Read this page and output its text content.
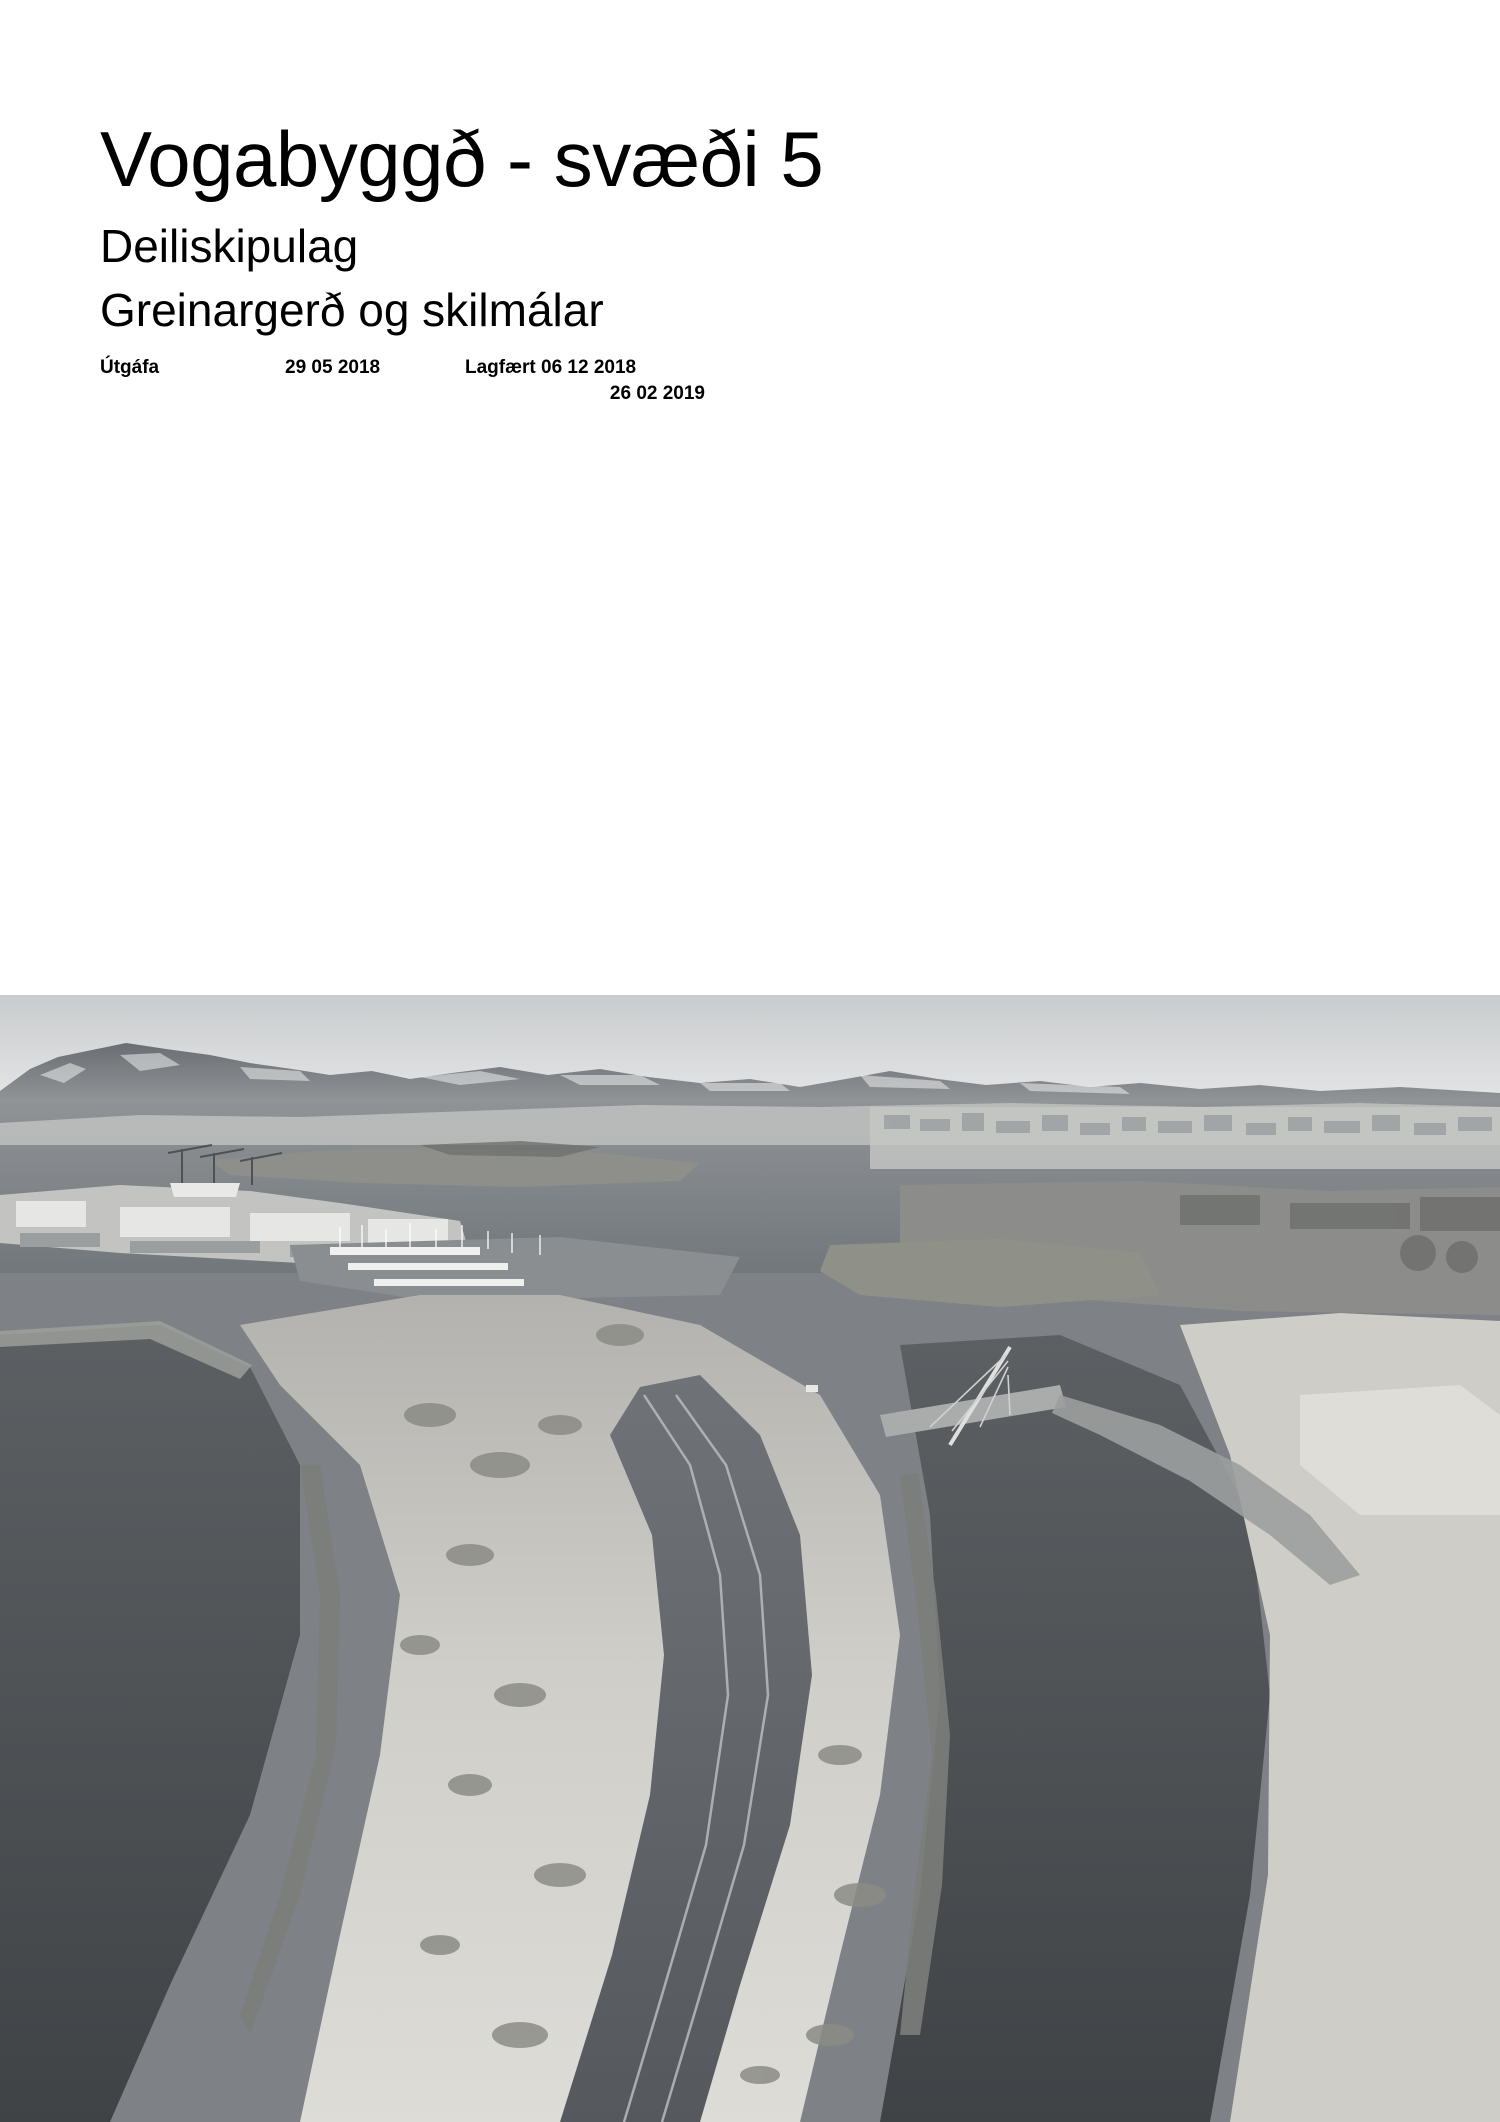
Vogabyggð - svæði 5
Deiliskipulag
Greinargerð og skilmálar
Útgáfa	29 05 2018	Lagfært 06 12 2018
26 02 2019
